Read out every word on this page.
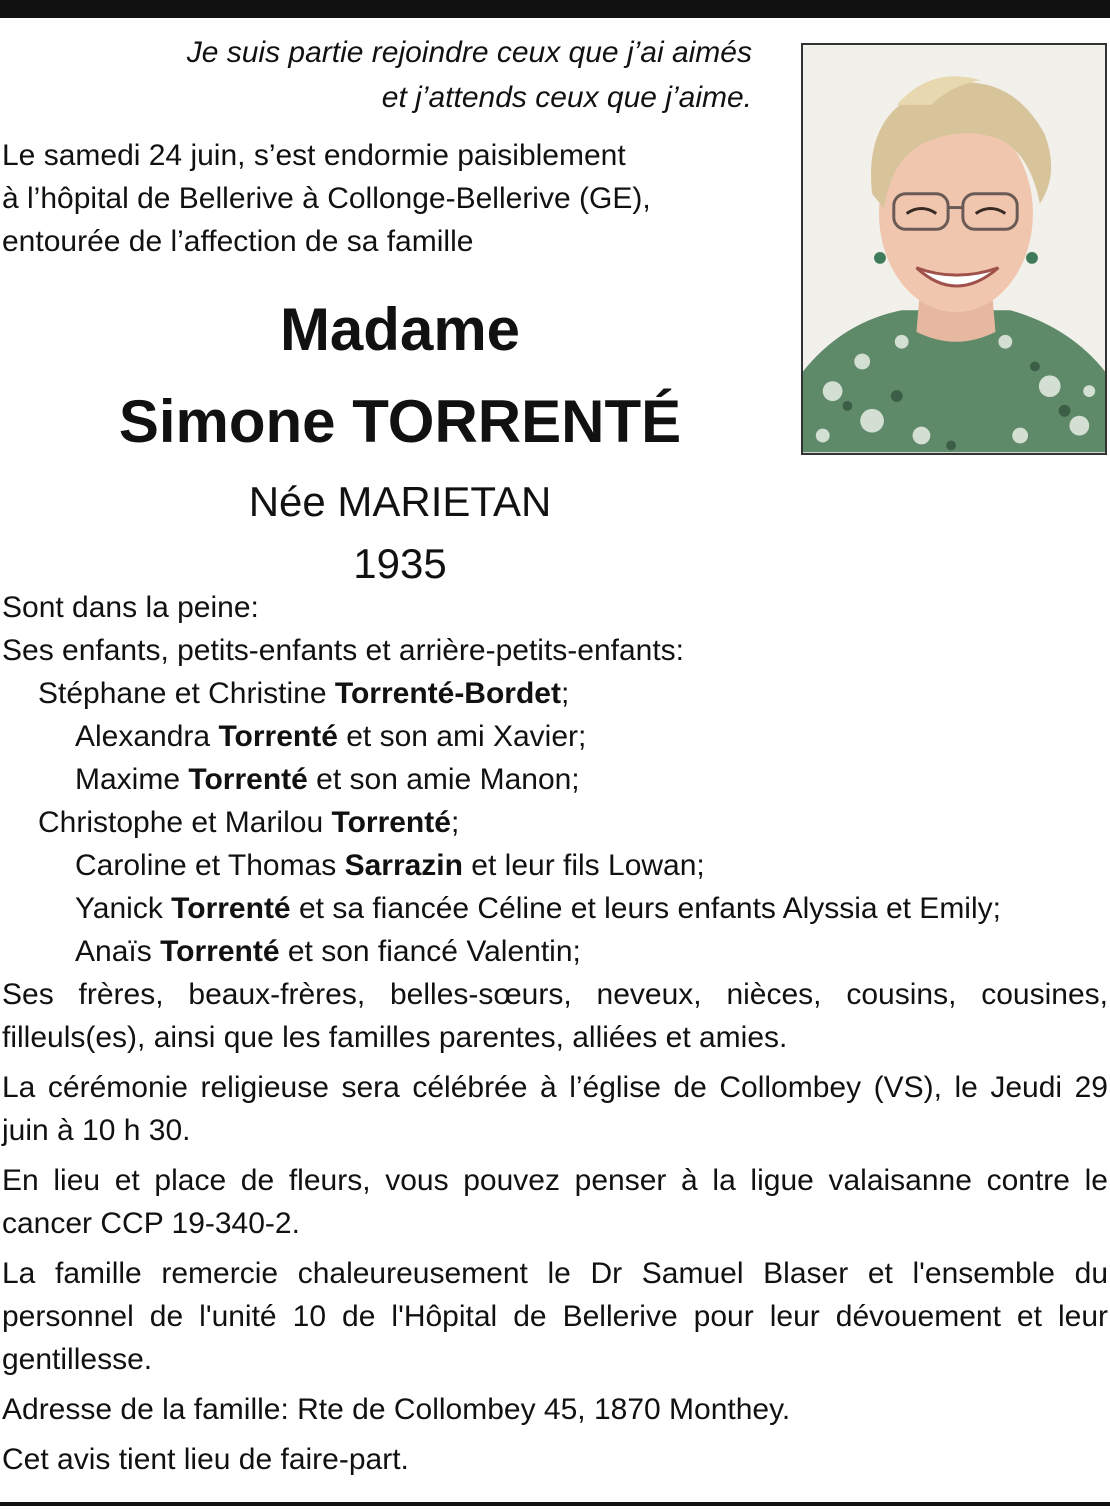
Je suis partie rejoindre ceux que j’ai aimés
et j’attends ceux que j’aime.
Le samedi 24 juin, s’est endormie paisiblement
à l’hôpital de Bellerive à Collonge-Bellerive (GE),
entourée de l’affection de sa famille
Madame
Simone TORRENTÉ
Née MARIETAN
1935
Sont dans la peine:
Ses enfants, petits-enfants et arrière-petits-enfants:
Stéphane et Christine Torrenté-Bordet;
Alexandra Torrenté et son ami Xavier;
Maxime Torrenté et son amie Manon;
Christophe et Marilou Torrenté;
Caroline et Thomas Sarrazin et leur fils Lowan;
Yanick Torrenté et sa fiancée Céline et leurs enfants Alyssia et Emily;
Anaïs Torrenté et son fiancé Valentin;
Ses frères, beaux-frères, belles-sœurs, neveux, nièces, cousins, cousines, filleuls(es), ainsi que les familles parentes, alliées et amies.
La cérémonie religieuse sera célébrée à l’église de Collombey (VS), le Jeudi 29 juin à 10 h 30.
En lieu et place de fleurs, vous pouvez penser à la ligue valaisanne contre le cancer CCP 19-340-2.
La famille remercie chaleureusement le Dr Samuel Blaser et l'ensemble du personnel de l'unité 10 de l'Hôpital de Bellerive pour leur dévouement et leur gentillesse.
Adresse de la famille: Rte de Collombey 45, 1870 Monthey.
Cet avis tient lieu de faire-part.
